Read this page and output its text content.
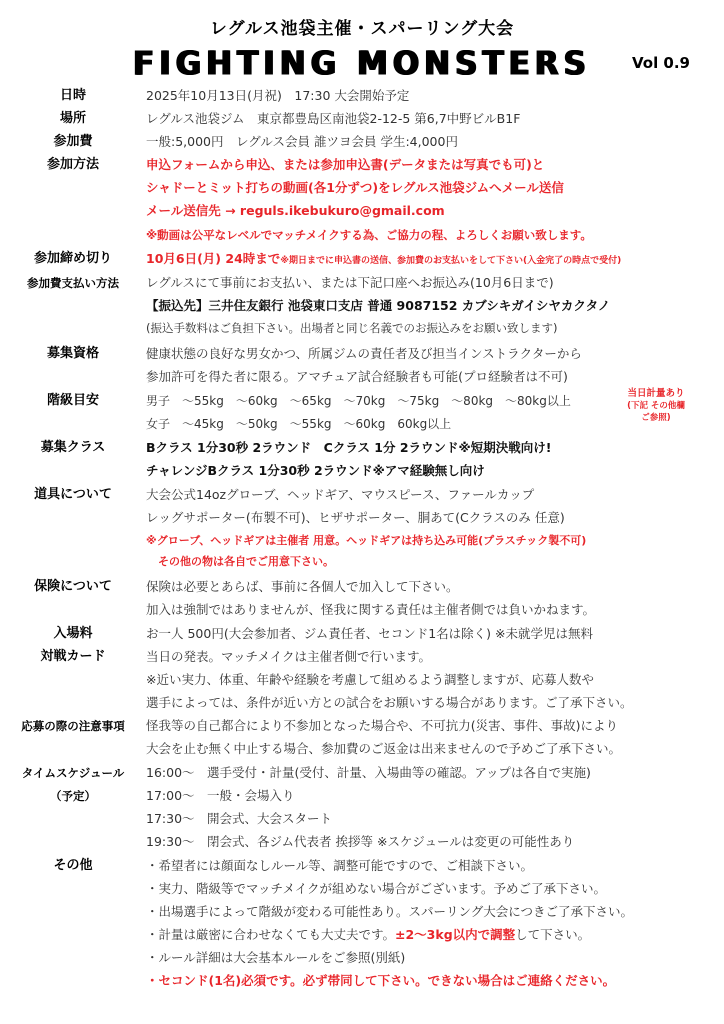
レグルス池袋主催・スパーリング大会
FIGHTING MONSTERS	Vol 0.9
日時	2025年10月13日(月祝)　17:30 大会開始予定
場所	レグルス池袋ジム　東京都豊島区南池袋2-12-5 第6,7中野ビルB1F
参加費	一般:5,000円　レグルス会員 誰ツヨ会員 学生:4,000円
参加方法	申込フォームから申込、または参加申込書(データまたは写真でも可)と
シャドーとミット打ちの動画(各1分ずつ)をレグルス池袋ジムへメール送信
メール送信先 → reguls.ikebukuro@gmail.com
※動画は公平なレベルでマッチメイクする為、ご協力の程、よろしくお願い致します。
参加締め切り	10月6日(月) 24時まで※期日までに申込書の送信、参加費のお支払いをして下さい(入金完了の時点で受付)
参加費支払い方法	レグルスにて事前にお支払い、または下記口座へお振込み(10月6日まで)
【振込先】三井住友銀行 池袋東口支店 普通 9087152 カブシキガイシヤカクタノ
(振込手数料はご負担下さい。出場者と同じ名義でのお振込みをお願い致します)
募集資格	健康状態の良好な男女かつ、所属ジムの責任者及び担当インストラクターから
参加許可を得た者に限る。アマチュア試合経験者も可能(プロ経験者は不可)
階級目安	男子　～55kg　～60kg　～65kg　～70kg　～75kg　～80kg　～80kg以上
女子　～45kg　～50kg　～55kg　～60kg　60kg以上
当日計量あり
(下記 その他欄
ご参照)
募集クラス	Bクラス 1分30秒 2ラウンド　Cクラス 1分 2ラウンド※短期決戦向け!
チャレンジBクラス 1分30秒 2ラウンド※アマ経験無し向け
道具について	大会公式14ozグローブ、ヘッドギア、マウスピース、ファールカップ
レッグサポーター(布製不可)、ヒザサポーター、胴あて(Cクラスのみ 任意)
※グローブ、ヘッドギアは主催者 用意。ヘッドギアは持ち込み可能(プラスチック製不可)
その他の物は各自でご用意下さい。
保険について	保険は必要とあらば、事前に各個人で加入して下さい。
加入は強制ではありませんが、怪我に関する責任は主催者側では負いかねます。
入場料	お一人 500円(大会参加者、ジム責任者、セコンド1名は除く) ※未就学児は無料
対戦カード	当日の発表。マッチメイクは主催者側で行います。
※近い実力、体重、年齢や経験を考慮して組めるよう調整しますが、応募人数や
選手によっては、条件が近い方との試合をお願いする場合があります。ご了承下さい。
応募の際の注意事項	怪我等の自己都合により不参加となった場合や、不可抗力(災害、事件、事故)により
大会を止む無く中止する場合、参加費のご返金は出来ませんので予めご了承下さい。
タイムスケジュール	16:00～　選手受付・計量(受付、計量、入場曲等の確認。アップは各自で実施)
（予定）	17:00～　一般・会場入り
17:30～　開会式、大会スタート
19:30～　閉会式、各ジム代表者 挨拶等 ※スケジュールは変更の可能性あり
その他	・希望者には顔面なしルール等、調整可能ですので、ご相談下さい。
・実力、階級等でマッチメイクが組めない場合がございます。予めご了承下さい。
・出場選手によって階級が変わる可能性あり。スパーリング大会につきご了承下さい。
・計量は厳密に合わせなくても大丈夫です。±2～3kg以内で調整して下さい。
・ルール詳細は大会基本ルールをご参照(別紙)
・セコンド(1名)必須です。必ず帯同して下さい。できない場合はご連絡ください。
